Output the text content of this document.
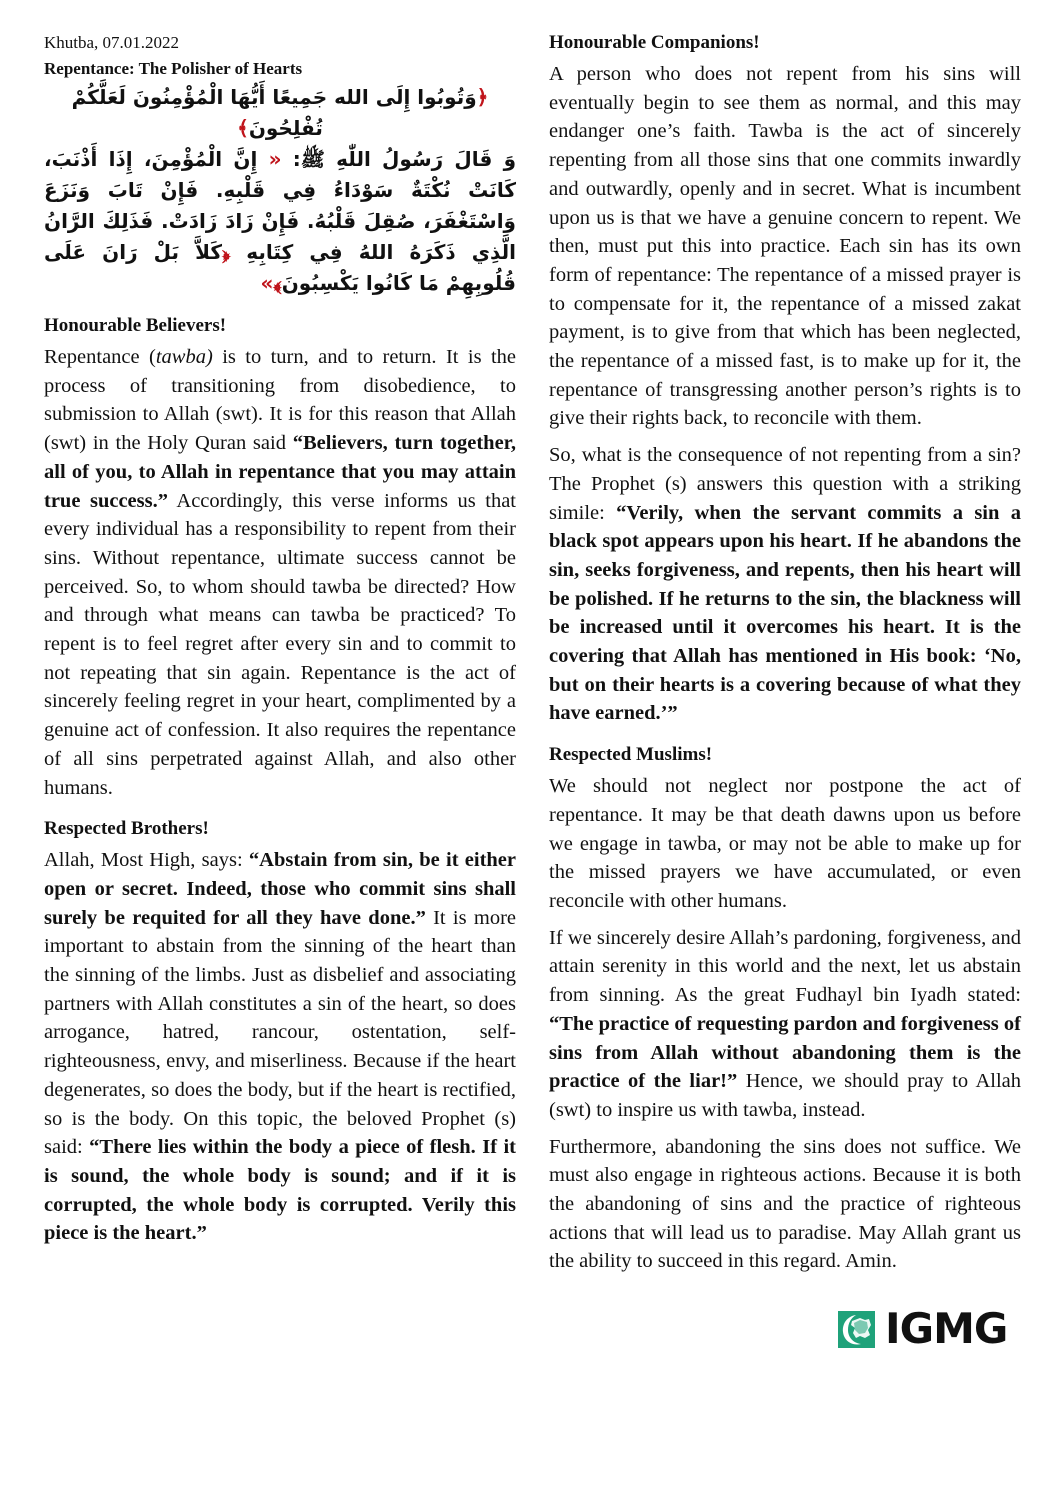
Khutba, 07.01.2022

Repentance: The Polisher of Hearts

﴿وَتُوبُوا إِلَى الله جَمِيعًا أَيُّهَا الْمُؤْمِنُونَ لَعَلَّكُمْ تُفْلِحُونَ﴾
وَ قَالَ رَسُولُ اللّٰهِ ﷺ: « إِنَّ الْمُؤْمِنَ، إِذَا أَذْنَبَ، كَانَتْ نُكْتَةٌ سَوْدَاءُ فِي قَلْبِهِ. فَإِنْ تَابَ وَنَزَعَ وَاسْتَغْفَرَ، صُقِلَ قَلْبُهُ. فَإِنْ زَادَ زَادَتْ. فَذَلِكَ الرَّانُ الَّذِي ذَكَرَهُ اللهُ فِي كِتَابِهِ ﴿كَلاَّ بَلْ رَانَ عَلَى قُلُوبِهِمْ مَا كَانُوا يَكْسِبُونَ﴾»
Honourable Believers!

Repentance (tawba) is to turn, and to return. It is the process of transitioning from disobedience, to submission to Allah (swt). It is for this reason that Allah (swt) in the Holy Quran said “Believers, turn together, all of you, to Allah in repentance that you may attain true success.” Accordingly, this verse informs us that every individual has a responsibility to repent from their sins. Without repentance, ultimate success cannot be perceived. So, to whom should tawba be directed? How and through what means can tawba be practiced? To repent is to feel regret after every sin and to commit to not repeating that sin again. Repentance is the act of sincerely feeling regret in your heart, complimented by a genuine act of confession. It also requires the repentance of all sins perpetrated against Allah, and also other humans.

Respected Brothers!

Allah, Most High, says: “Abstain from sin, be it either open or secret. Indeed, those who commit sins shall surely be requited for all they have done.” It is more important to abstain from the sinning of the heart than the sinning of the limbs. Just as disbelief and associating partners with Allah constitutes a sin of the heart, so does arrogance, hatred, rancour, ostentation, self-righteousness, envy, and miserliness. Because if the heart degenerates, so does the body, but if the heart is rectified, so is the body. On this topic, the beloved Prophet (s) said: “There lies within the body a piece of flesh. If it is sound, the whole body is sound; and if it is corrupted, the whole body is corrupted. Verily this piece is the heart.”

Honourable Companions!

A person who does not repent from his sins will eventually begin to see them as normal, and this may endanger one’s faith. Tawba is the act of sincerely repenting from all those sins that one commits inwardly and outwardly, openly and in secret. What is incumbent upon us is that we have a genuine concern to repent. We then, must put this into practice. Each sin has its own form of repentance: The repentance of a missed prayer is to compensate for it, the repentance of a missed zakat payment, is to give from that which has been neglected, the repentance of a missed fast, is to make up for it, the repentance of transgressing another person’s rights is to give their rights back, to reconcile with them.

So, what is the consequence of not repenting from a sin? The Prophet (s) answers this question with a striking simile: “Verily, when the servant commits a sin a black spot appears upon his heart. If he abandons the sin, seeks forgiveness, and repents, then his heart will be polished. If he returns to the sin, the blackness will be increased until it overcomes his heart. It is the covering that Allah has mentioned in His book: ‘No, but on their hearts is a covering because of what they have earned.’”

Respected Muslims!

We should not neglect nor postpone the act of repentance. It may be that death dawns upon us before we engage in tawba, or may not be able to make up for the missed prayers we have accumulated, or even reconcile with other humans.

If we sincerely desire Allah’s pardoning, forgiveness, and attain serenity in this world and the next, let us abstain from sinning. As the great Fudhayl bin Iyadh stated: “The practice of requesting pardon and forgiveness of sins from Allah without abandoning them is the practice of the liar!” Hence, we should pray to Allah (swt) to inspire us with tawba, instead.

Furthermore, abandoning the sins does not suffice. We must also engage in righteous actions. Because it is both the abandoning of sins and the practice of righteous actions that will lead us to paradise. May Allah grant us the ability to succeed in this regard. Amin.

IGMG
